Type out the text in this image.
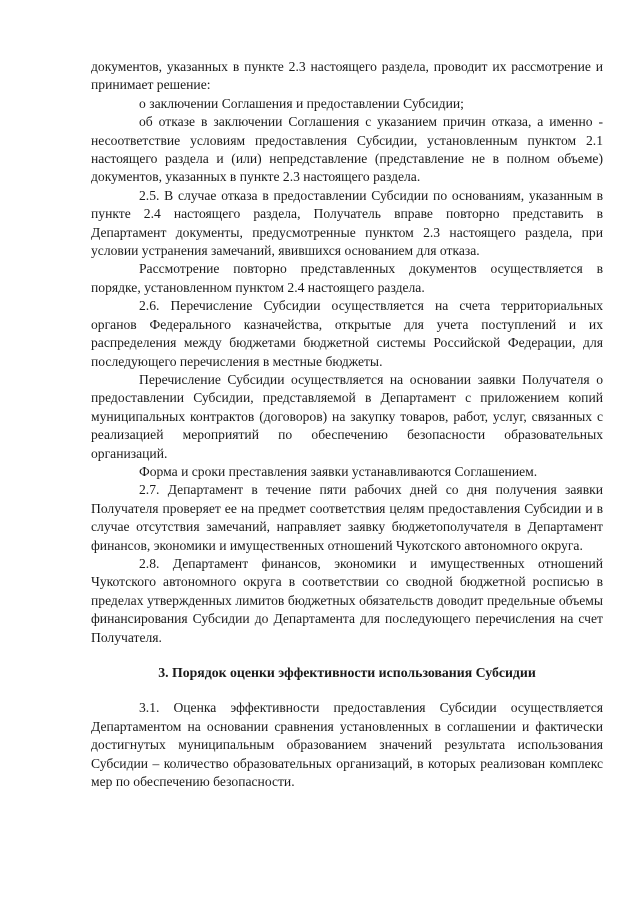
документов, указанных в пункте 2.3 настоящего раздела, проводит их рассмотрение и принимает решение:

о заключении Соглашения и предоставлении Субсидии;

об отказе в заключении Соглашения с указанием причин отказа, а именно - несоответствие условиям предоставления Субсидии, установленным пунктом 2.1 настоящего раздела и (или) непредставление (представление не в полном объеме) документов, указанных в пункте 2.3 настоящего раздела.

2.5. В случае отказа в предоставлении Субсидии по основаниям, указанным в пункте 2.4 настоящего раздела, Получатель вправе повторно представить в Департамент документы, предусмотренные пунктом 2.3 настоящего раздела, при условии устранения замечаний, явившихся основанием для отказа.

Рассмотрение повторно представленных документов осуществляется в порядке, установленном пунктом 2.4 настоящего раздела.

2.6. Перечисление Субсидии осуществляется на счета территориальных органов Федерального казначейства, открытые для учета поступлений и их распределения между бюджетами бюджетной системы Российской Федерации, для последующего перечисления в местные бюджеты.

Перечисление Субсидии осуществляется на основании заявки Получателя о предоставлении Субсидии, представляемой в Департамент с приложением копий муниципальных контрактов (договоров) на закупку товаров, работ, услуг, связанных с реализацией мероприятий по обеспечению безопасности образовательных организаций.

Форма и сроки преставления заявки устанавливаются Соглашением.

2.7. Департамент в течение пяти рабочих дней со дня получения заявки Получателя проверяет ее на предмет соответствия целям предоставления Субсидии и в случае отсутствия замечаний, направляет заявку бюджетополучателя в Департамент финансов, экономики и имущественных отношений Чукотского автономного округа.

2.8. Департамент финансов, экономики и имущественных отношений Чукотского автономного округа в соответствии со сводной бюджетной росписью в пределах утвержденных лимитов бюджетных обязательств доводит предельные объемы финансирования Субсидии до Департамента для последующего перечисления на счет Получателя.

3. Порядок оценки эффективности использования Субсидии

3.1. Оценка эффективности предоставления Субсидии осуществляется Департаментом на основании сравнения установленных в соглашении и фактически достигнутых муниципальным образованием значений результата использования Субсидии – количество образовательных организаций, в которых реализован комплекс мер по обеспечению безопасности.
